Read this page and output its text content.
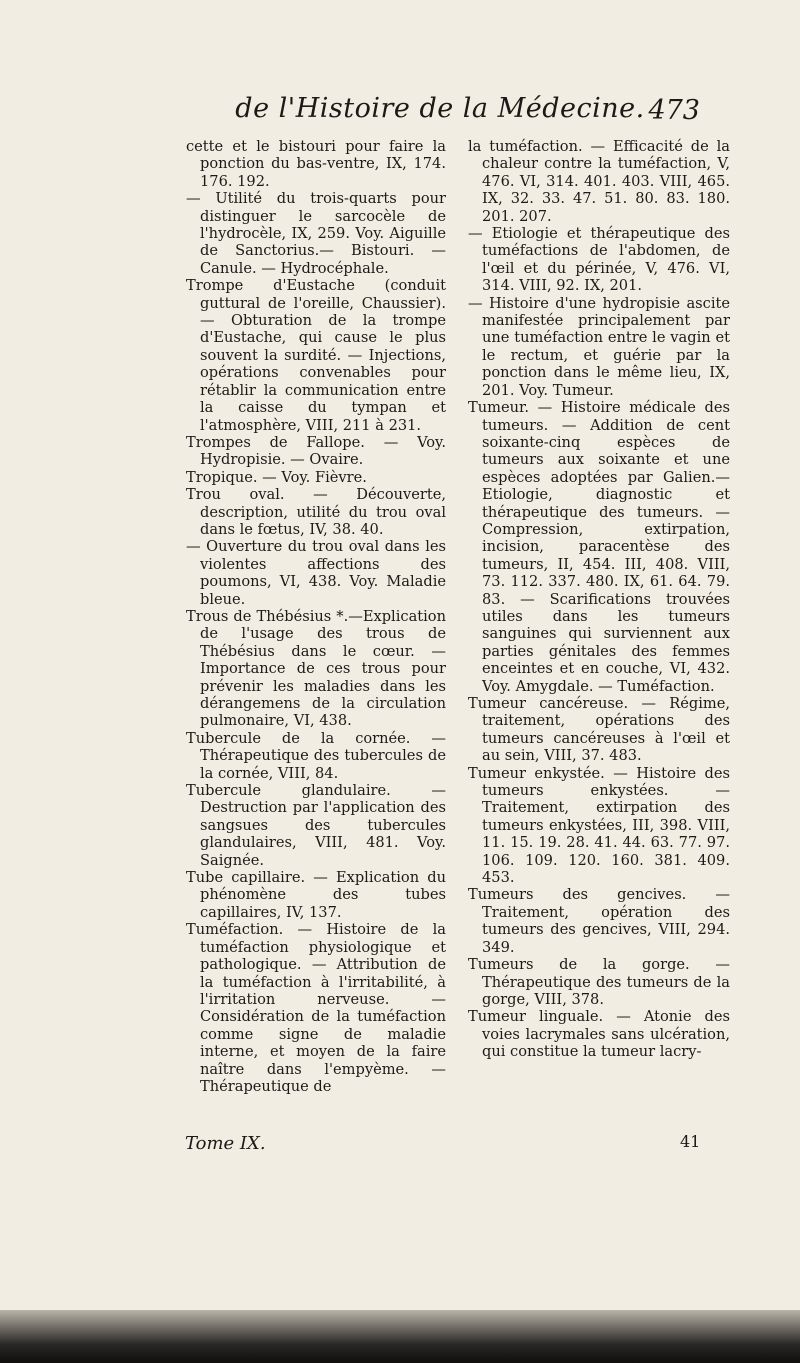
de l'Histoire de la Médecine. 473

cette et le bistouri pour faire la ponction du bas-ventre, IX, 174. 176. 192.

— Utilité du trois-quarts pour distinguer le sarcocèle de l'hydrocèle, IX, 259. Voy. Aiguille de Sanctorius.— Bistouri. — Canule. — Hydrocéphale.

Trompe d'Eustache (conduit guttural de l'oreille, Chaussier). — Obturation de la trompe d'Eustache, qui cause le plus souvent la surdité. — Injections, opérations convenables pour rétablir la communication entre la caisse du tympan et l'atmosphère, VIII, 211 à 231.

Trompes de Fallope. — Voy. Hydropisie. — Ovaire.

Tropique. — Voy. Fièvre.

Trou oval. — Découverte, description, utilité du trou oval dans le fœtus, IV, 38. 40.

— Ouverture du trou oval dans les violentes affections des poumons, VI, 438. Voy. Maladie bleue.

Trous de Thébésius *.—Explication de l'usage des trous de Thébésius dans le cœur. — Importance de ces trous pour prévenir les maladies dans les dérangemens de la circulation pulmonaire, VI, 438.

Tubercule de la cornée. — Thérapeutique des tubercules de la cornée, VIII, 84.

Tubercule glandulaire. — Destruction par l'application des sangsues des tubercules glandulaires, VIII, 481. Voy. Saignée.

Tube capillaire. — Explication du phénomène des tubes capillaires, IV, 137.

Tuméfaction. — Histoire de la tuméfaction physiologique et pathologique. — Attribution de la tuméfaction à l'irritabilité, à l'irritation nerveuse. — Considération de la tuméfaction comme signe de maladie interne, et moyen de la faire naître dans l'empyème. — Thérapeutique de

la tuméfaction. — Efficacité de la chaleur contre la tuméfaction, V, 476. VI, 314. 401. 403. VIII, 465. IX, 32. 33. 47. 51. 80. 83. 180. 201. 207.

— Etiologie et thérapeutique des tuméfactions de l'abdomen, de l'œil et du périnée, V, 476. VI, 314. VIII, 92. IX, 201.

— Histoire d'une hydropisie ascite manifestée principalement par une tuméfaction entre le vagin et le rectum, et guérie par la ponction dans le même lieu, IX, 201. Voy. Tumeur.

Tumeur. — Histoire médicale des tumeurs. — Addition de cent soixante-cinq espèces de tumeurs aux soixante et une espèces adoptées par Galien.—Etiologie, diagnostic et thérapeutique des tumeurs. — Compression, extirpation, incision, paracentèse des tumeurs, II, 454. III, 408. VIII, 73. 112. 337. 480. IX, 61. 64. 79. 83. — Scarifications trouvées utiles dans les tumeurs sanguines qui surviennent aux parties génitales des femmes enceintes et en couche, VI, 432. Voy. Amygdale. — Tuméfaction.

Tumeur cancéreuse. — Régime, traitement, opérations des tumeurs cancéreuses à l'œil et au sein, VIII, 37. 483.

Tumeur enkystée. — Histoire des tumeurs enkystées. — Traitement, extirpation des tumeurs enkystées, III, 398. VIII, 11. 15. 19. 28. 41. 44. 63. 77. 97. 106. 109. 120. 160. 381. 409. 453.

Tumeurs des gencives. — Traitement, opération des tumeurs des gencives, VIII, 294. 349.

Tumeurs de la gorge. — Thérapeutique des tumeurs de la gorge, VIII, 378.

Tumeur linguale. — Atonie des voies lacrymales sans ulcération, qui constitue la tumeur lacry-

Tome IX.	41
